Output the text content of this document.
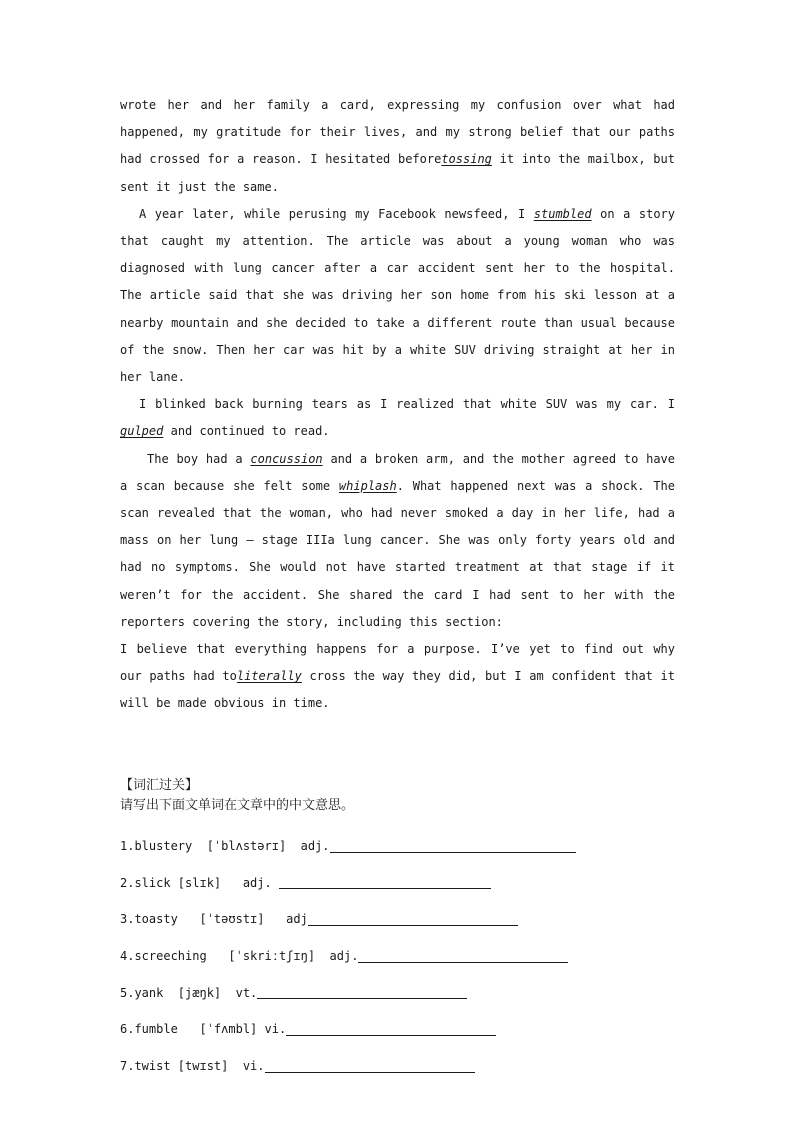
wrote her and her family a card, expressing my confusion over what had happened, my gratitude for their lives, and my strong belief that our paths had crossed for a reason. I hesitated beforetossing it into the mailbox, but sent it just the same.

A year later, while perusing my Facebook newsfeed, I stumbled on a story that caught my attention. The article was about a young woman who was diagnosed with lung cancer after a car accident sent her to the hospital. The article said that she was driving her son home from his ski lesson at a nearby mountain and she decided to take a different route than usual because of the snow. Then her car was hit by a white SUV driving straight at her in her lane.

I blinked back burning tears as I realized that white SUV was my car. I gulped and continued to read.

The boy had a concussion and a broken arm, and the mother agreed to have a scan because she felt some whiplash. What happened next was a shock. The scan revealed that the woman, who had never smoked a day in her life, had a mass on her lung — stage IIIa lung cancer. She was only forty years old and had no symptoms. She would not have started treatment at that stage if it weren’t for the accident. She shared the card I had sent to her with the reporters covering the story, including this section:

I believe that everything happens for a purpose. I’ve yet to find out why our paths had toliterally cross the way they did, but I am confident that it will be made obvious in time.

【词汇过关】

请写出下面文单词在文章中的中文意思。

1.blustery  [ˈblʌstərɪ]  adj.
2.slick [slɪk]   adj.
3.toasty   [ˈtəʊstɪ]   adj
4.screeching   [ˈskriːtʃɪŋ]  adj.
5.yank  [jæŋk]  vt.
6.fumble   [ˈfʌmbl] vi.
7.twist [twɪst]  vi.
